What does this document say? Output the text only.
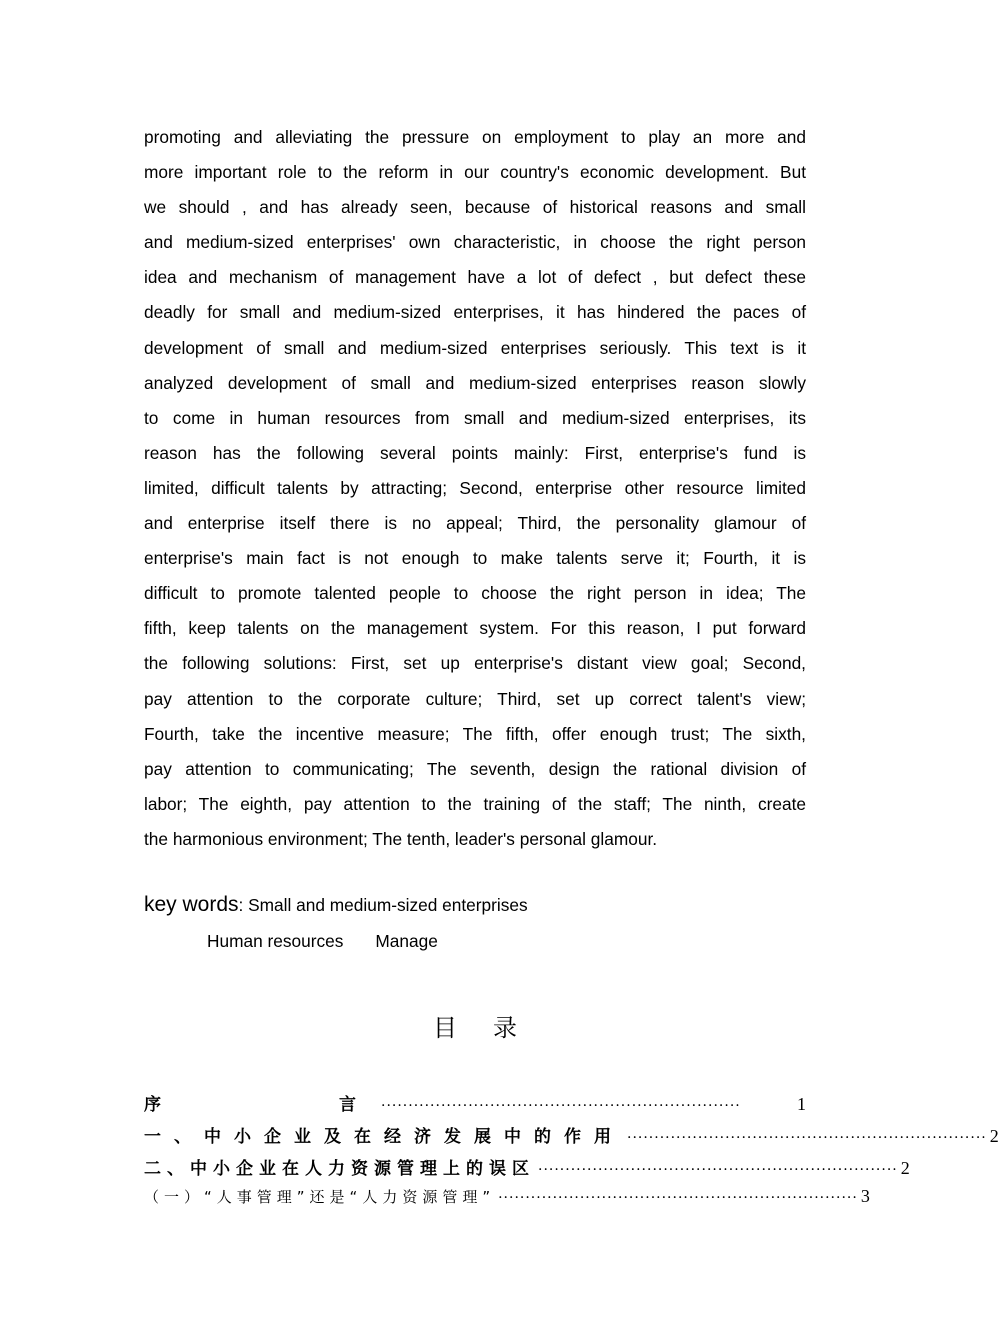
promoting and alleviating the pressure on employment to play an more and
more important role to the reform in our country's economic development. But
we should , and has already seen, because of historical reasons and small
and medium-sized enterprises' own characteristic, in choose the right person
idea and mechanism of management have a lot of defect , but defect these
deadly for small and medium-sized enterprises, it has hindered the paces of
development of small and medium-sized enterprises seriously. This text is it
analyzed development of small and medium-sized enterprises reason slowly
to come in human resources from small and medium-sized enterprises, its
reason has the following several points mainly: First, enterprise's fund is
limited, difficult talents by attracting; Second, enterprise other resource limited
and enterprise itself there is no appeal; Third, the personality glamour of
enterprise's main fact is not enough to make talents serve it; Fourth, it is
difficult to promote talented people to choose the right person in idea; The
fifth, keep talents on the management system. For this reason, I put forward
the following solutions: First, set up enterprise's distant view goal; Second,
pay attention to the corporate culture; Third, set up correct talent's view;
Fourth, take the incentive measure; The fifth, offer enough trust; The sixth,
pay attention to communicating; The seventh, design the rational division of
labor; The eighth, pay attention to the training of the staff; The ninth, create
the harmonious environment; The tenth, leader's personal glamour.
key words: Small and medium-sized enterprises
Human resources Manage
目录
序　　　　言 ··································································	1
一、中小企业及在经济发展中的作用 ·································································· 2
二、中小企业在人力资源管理上的误区 ·································································· 2
（一）“人事管理”还是“人力资源管理” ·································································· 3
